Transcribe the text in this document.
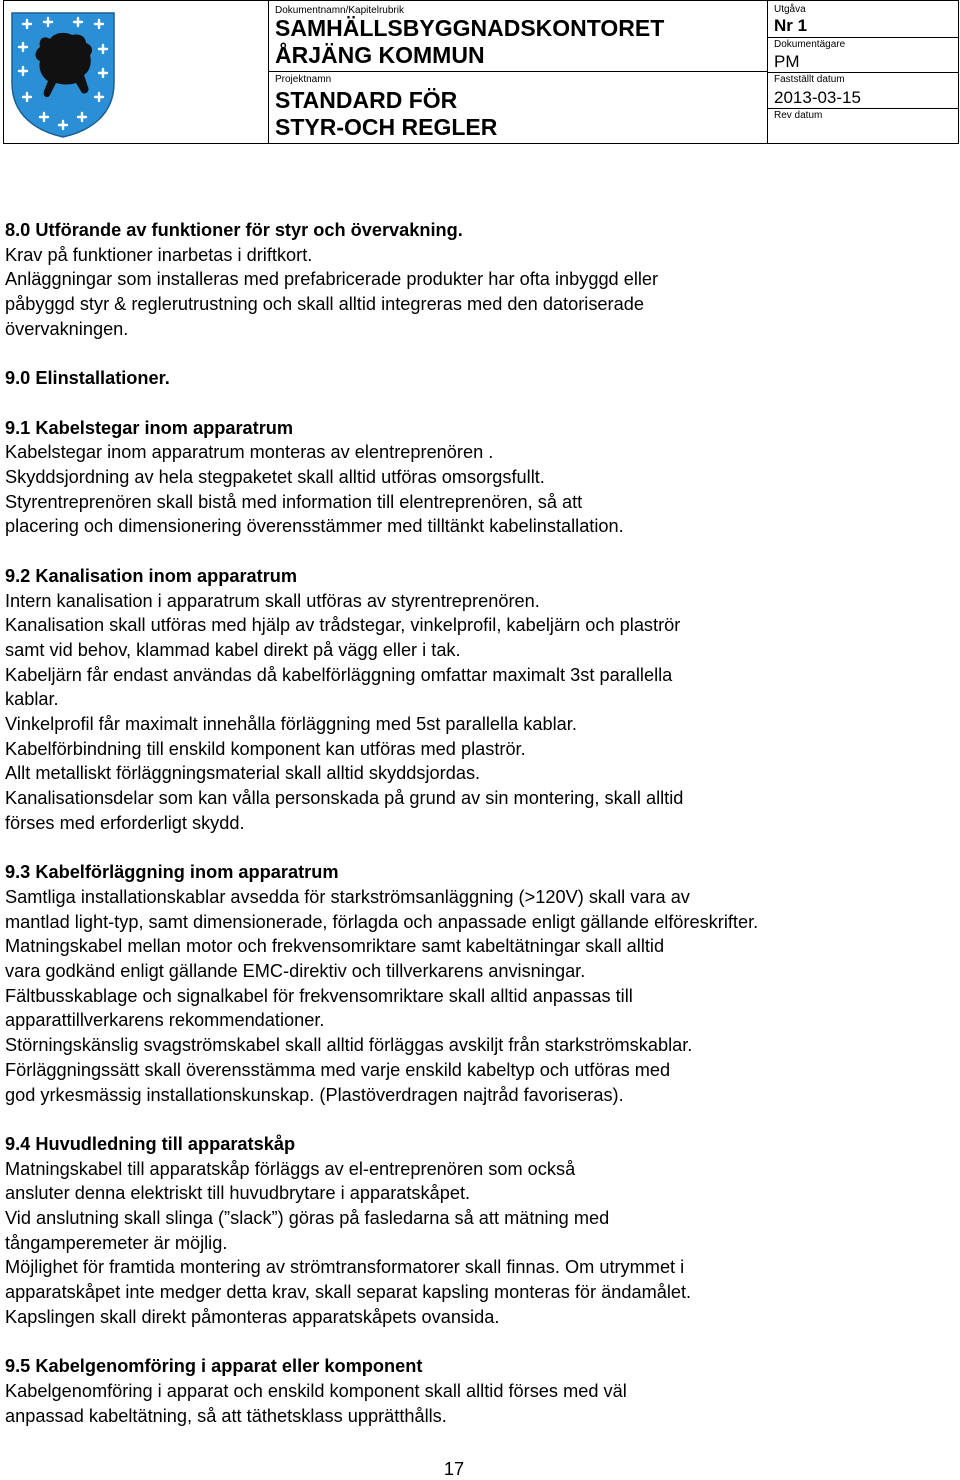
Dokumentnamn/Kapitelrubrik
SAMHÄLLSBYGGNADSKONTORET
ÅRJÄNG KOMMUN
Projektnamn
STANDARD FÖR
STYR-OCH REGLER
Utgåva
Nr 1
Dokumentägare
PM
Fastställt datum
2013-03-15
Rev datum

8.0 Utförande av funktioner för styr och övervakning.

Krav på funktioner inarbetas i driftkort.

Anläggningar som installeras med prefabricerade produkter har ofta inbyggd eller

påbyggd styr & reglerutrustning och skall alltid integreras med den datoriserade

övervakningen.

9.0 Elinstallationer.

9.1 Kabelstegar inom apparatrum

Kabelstegar inom apparatrum monteras av elentreprenören .

Skyddsjordning av hela stegpaketet skall alltid utföras omsorgsfullt.

Styrentreprenören skall bistå med information till elentreprenören, så att

placering och dimensionering överensstämmer med tilltänkt kabelinstallation.

9.2 Kanalisation inom apparatrum

Intern kanalisation i apparatrum skall utföras av styrentreprenören.

Kanalisation skall utföras med hjälp av trådstegar, vinkelprofil, kabeljärn och plaströr

samt vid behov, klammad kabel direkt på vägg eller i tak.

Kabeljärn får endast användas då kabelförläggning omfattar maximalt 3st parallella

kablar.

Vinkelprofil får maximalt innehålla förläggning med 5st parallella kablar.

Kabelförbindning till enskild komponent kan utföras med plaströr.

Allt metalliskt förläggningsmaterial skall alltid skyddsjordas.

Kanalisationsdelar som kan vålla personskada på grund av sin montering, skall alltid

förses med erforderligt skydd.

9.3 Kabelförläggning inom apparatrum

Samtliga installationskablar avsedda för starkströmsanläggning (>120V) skall vara av

mantlad light-typ, samt dimensionerade, förlagda och anpassade enligt gällande elföreskrifter.

Matningskabel mellan motor och frekvensomriktare samt kabeltätningar skall alltid

vara godkänd enligt gällande EMC-direktiv och tillverkarens anvisningar.

Fältbusskablage och signalkabel för frekvensomriktare skall alltid anpassas till

apparattillverkarens rekommendationer.

Störningskänslig svagströmskabel skall alltid förläggas avskiljt från starkströmskablar.

Förläggningssätt skall överensstämma med varje enskild kabeltyp och utföras med

god yrkesmässig installationskunskap. (Plastöverdragen najtråd favoriseras).

9.4 Huvudledning till apparatskåp

Matningskabel till apparatskåp förläggs av el-entreprenören som också

ansluter denna elektriskt till huvudbrytare i apparatskåpet.

Vid anslutning skall slinga (”slack”) göras på fasledarna så att mätning med

tångamperemeter är möjlig.

Möjlighet för framtida montering av strömtransformatorer skall finnas. Om utrymmet i

apparatskåpet inte medger detta krav, skall separat kapsling monteras för ändamålet.

Kapslingen skall direkt påmonteras apparatskåpets ovansida.

9.5 Kabelgenomföring i apparat eller komponent

Kabelgenomföring i apparat och enskild komponent skall alltid förses med väl

anpassad kabeltätning, så att täthetsklass upprätthålls.

17
